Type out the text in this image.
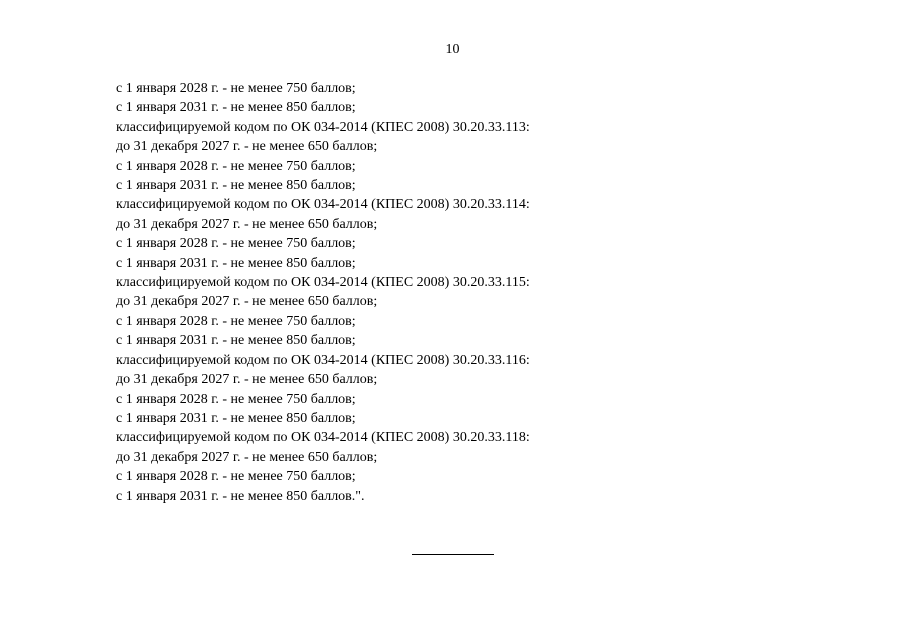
10
с 1 января 2028 г. - не менее 750 баллов;
с 1 января 2031 г. - не менее 850 баллов;
классифицируемой кодом по ОК 034-2014 (КПЕС 2008) 30.20.33.113:
до 31 декабря 2027 г. - не менее 650 баллов;
с 1 января 2028 г. - не менее 750 баллов;
с 1 января 2031 г. - не менее 850 баллов;
классифицируемой кодом по ОК 034-2014 (КПЕС 2008) 30.20.33.114:
до 31 декабря 2027 г. - не менее 650 баллов;
с 1 января 2028 г. - не менее 750 баллов;
с 1 января 2031 г. - не менее 850 баллов;
классифицируемой кодом по ОК 034-2014 (КПЕС 2008) 30.20.33.115:
до 31 декабря 2027 г. - не менее 650 баллов;
с 1 января 2028 г. - не менее 750 баллов;
с 1 января 2031 г. - не менее 850 баллов;
классифицируемой кодом по ОК 034-2014 (КПЕС 2008) 30.20.33.116:
до 31 декабря 2027 г. - не менее 650 баллов;
с 1 января 2028 г. - не менее 750 баллов;
с 1 января 2031 г. - не менее 850 баллов;
классифицируемой кодом по ОК 034-2014 (КПЕС 2008) 30.20.33.118:
до 31 декабря 2027 г. - не менее 650 баллов;
с 1 января 2028 г. - не менее 750 баллов;
с 1 января 2031 г. - не менее 850 баллов.".
